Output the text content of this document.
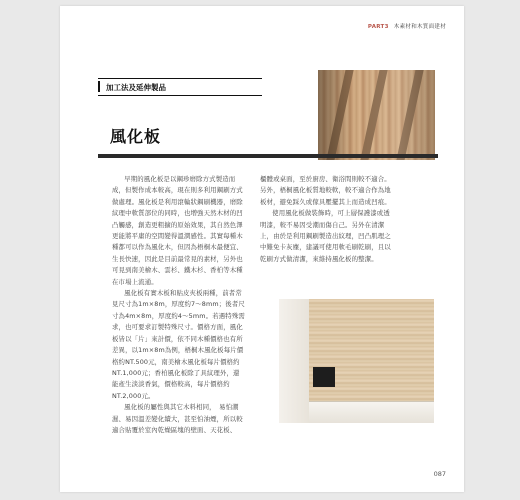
PART3 木素材和木質面建材
加工法及延伸製品
風化板

早期的風化板是以鋼珍磨除方式製造而成，但製作成本較高，現在則多利用鋼刷方式做處理。風化板是利用滾輪狀鋼刷機器，磨除紋理中軟質部位的同時，也増強天然木材的凹凸觸感，創造更粗擴的原始效果，其自然色澤更能將平庸的空間變得溫潤感性。其實每種木種都可以作為風化木，但因為梧桐木最便宜、生長快速，因此是目前最常見的素材，另外也可見到南美檜木、雲杉、鐵木杉、香柏等木種在市場上流通。

風化板有實木板和貼皮夾板兩種，前者常見尺寸為1m×8m，厚度約7～8mm；後者尺寸為4m×8m，厚度約4～5mm。若遇特殊需求，也可要求訂製特殊尺寸。價格方面，風化板皆以「片」來計價，依不同木種價格也有所差異，以1m×8m為例，梧桐木風化板每片價格約NT.500元，南美檜木風化板每片價格約NT.1,000元；香柏風化板除了具紋理外，還能產生淡淡香氣，價格較高，每片價格約NT.2,000元。

風化板的屬性與其它木料相同，　易怕潮濕、易因溫差變化續大，甚至怕油煙，所以較適合貼覆於室內乾燥區塊的壁面、天花板、

櫃體或桌面，至於廚房、衛浴間則較不適合。另外，梧桐風化板質地較軟，較不適合作為地板材，避免踩久或傢具壓擺其上而造成凹痕。

使用風化板做裝飾時，可上層保護漆或透明漆，較不易因受潮而傷自己。另外在清潔上，由於是利用鋼刷製造出紋理，凹凸肌理之中難免卡灰塵，建議可使用軟毛刷乾刷，且以乾刷方式做清潔，來維持風化板的整潔。

087
